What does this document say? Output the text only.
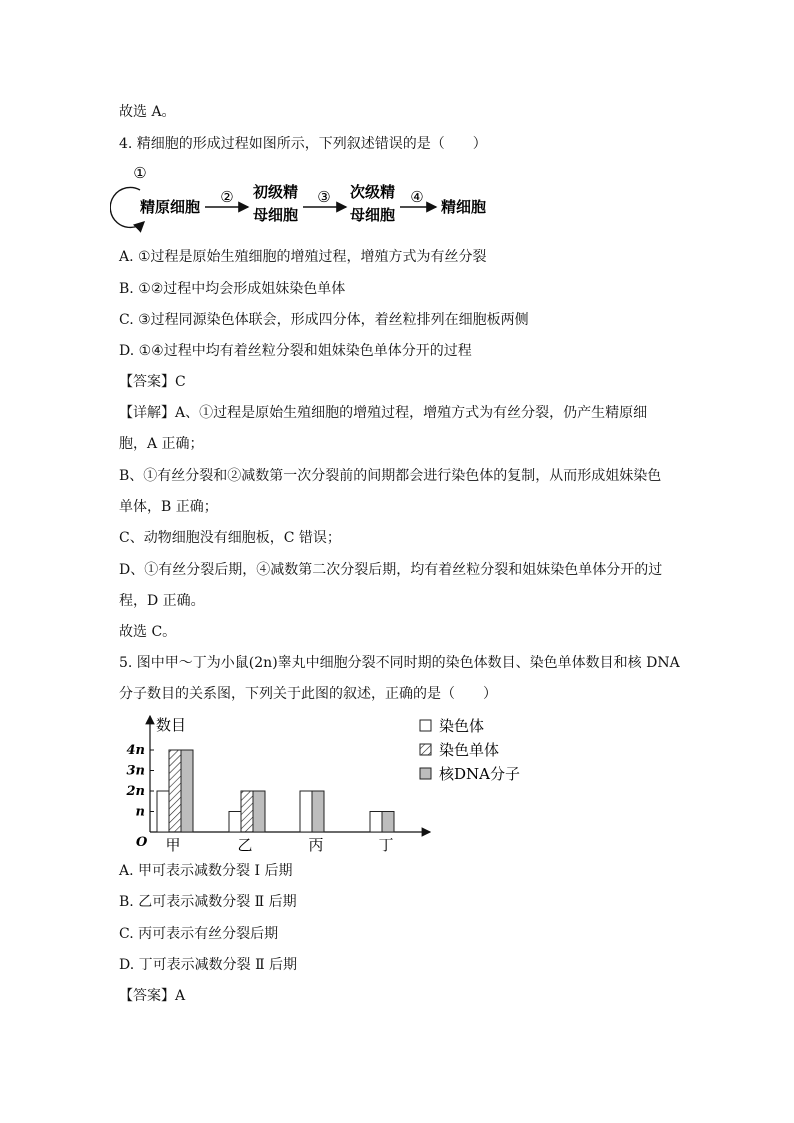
故选 A。
4. 精细胞的形成过程如图所示，下列叙述错误的是（　　）
①
精原细胞
② 初级精
母细胞
③ 次级精
母细胞
④
精细胞
A. ①过程是原始生殖细胞的增殖过程，增殖方式为有丝分裂
B. ①②过程中均会形成姐妹染色单体
C. ③过程同源染色体联会，形成四分体，着丝粒排列在细胞板两侧
D. ①④过程中均有着丝粒分裂和姐妹染色单体分开的过程
【答案】C
【详解】A、①过程是原始生殖细胞的增殖过程，增殖方式为有丝分裂，仍产生精原细
胞，A 正确；
B、①有丝分裂和②减数第一次分裂前的间期都会进行染色体的复制，从而形成姐妹染色
单体，B 正确；
C、动物细胞没有细胞板，C 错误；
D、①有丝分裂后期，④减数第二次分裂后期，均有着丝粒分裂和姐妹染色单体分开的过
程，D 正确。
故选 C。
5. 图中甲～丁为小鼠(2n)睾丸中细胞分裂不同时期的染色体数目、染色单体数目和核 DNA
分子数目的关系图，下列关于此图的叙述，正确的是（　　）
数目
O
n
2n
3n
4n
甲	乙	丙	丁
染色体
染色单体
核DNA分子
A. 甲可表示减数分裂 Ⅰ 后期
B. 乙可表示减数分裂 Ⅱ 后期
C. 丙可表示有丝分裂后期
D. 丁可表示减数分裂 Ⅱ 后期
【答案】A
